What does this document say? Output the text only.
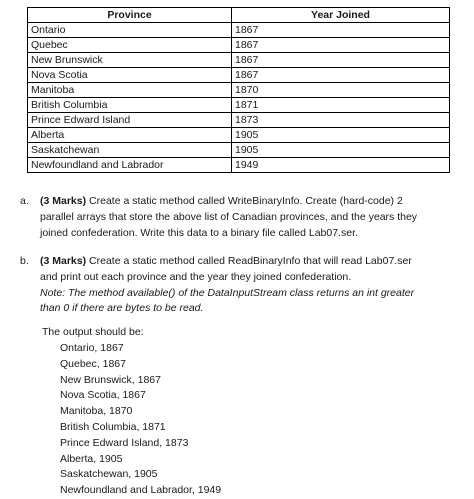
Province	Year Joined
Ontario	1867
Quebec	1867
New Brunswick	1867
Nova Scotia	1867
Manitoba	1870
British Columbia	1871
Prince Edward Island	1873
Alberta	1905
Saskatchewan	1905
Newfoundland and Labrador	1949
a. (3 Marks) Create a static method called WriteBinaryInfo. Create (hard-code) 2 parallel arrays that store the above list of Canadian provinces, and the years they joined confederation. Write this data to a binary file called Lab07.ser.
b. (3 Marks) Create a static method called ReadBinaryInfo that will read Lab07.ser and print out each province and the year they joined confederation.
Note: The method available() of the DataInputStream class returns an int greater than 0 if there are bytes to be read.
The output should be:
Ontario, 1867
Quebec, 1867
New Brunswick, 1867
Nova Scotia, 1867
Manitoba, 1870
British Columbia, 1871
Prince Edward Island, 1873
Alberta, 1905
Saskatchewan, 1905
Newfoundland and Labrador, 1949
